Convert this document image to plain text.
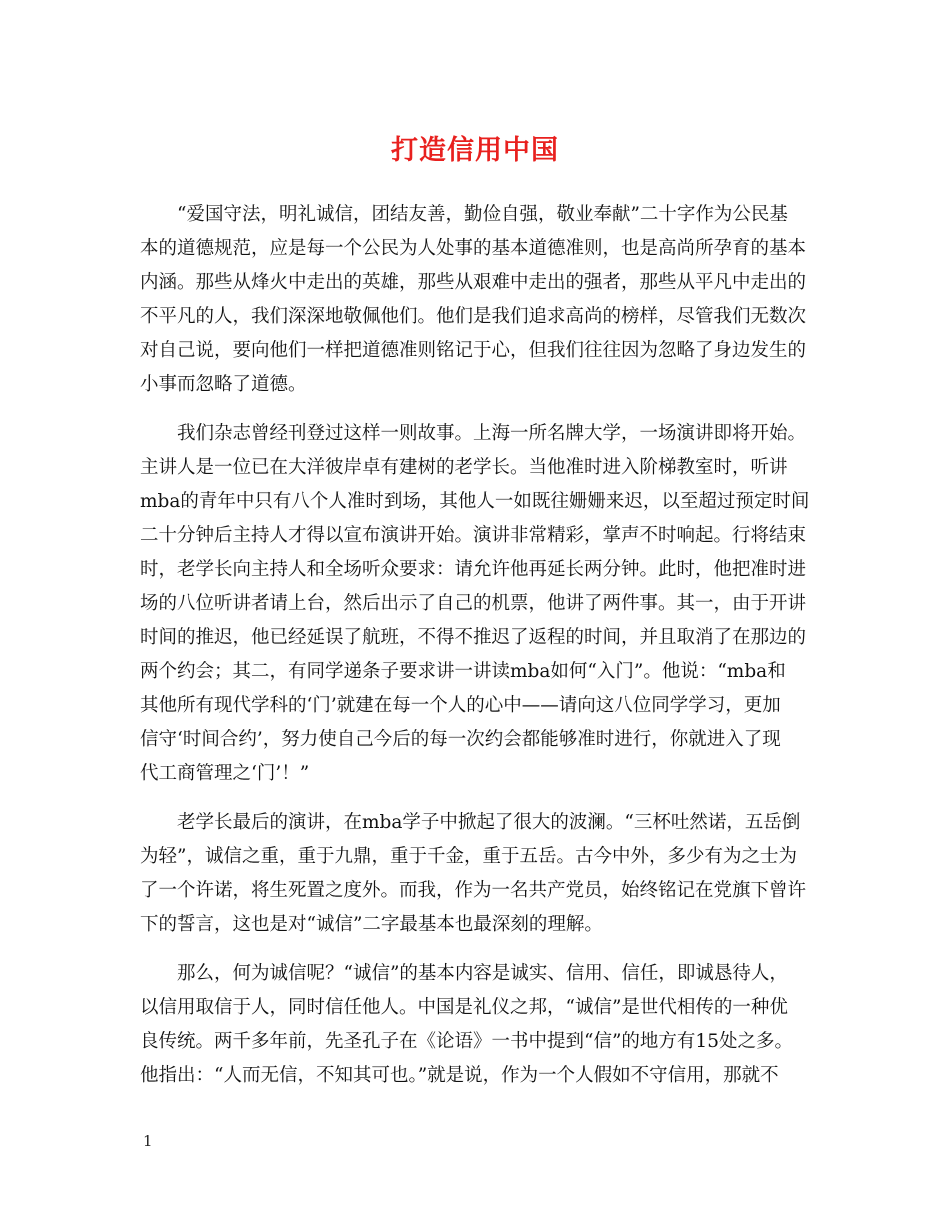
打造信用中国
“爱国守法，明礼诚信，团结友善，勤俭自强，敬业奉献”二十字作为公民基
本的道德规范，应是每一个公民为人处事的基本道德准则，也是高尚所孕育的基本
内涵。那些从烽火中走出的英雄，那些从艰难中走出的强者，那些从平凡中走出的
不平凡的人，我们深深地敬佩他们。他们是我们追求高尚的榜样，尽管我们无数次
对自己说，要向他们一样把道德准则铭记于心，但我们往往因为忽略了身边发生的
小事而忽略了道德。
我们杂志曾经刊登过这样一则故事。上海一所名牌大学，一场演讲即将开始。
主讲人是一位已在大洋彼岸卓有建树的老学长。当他准时进入阶梯教室时，听讲
mba的青年中只有八个人准时到场，其他人一如既往姗姗来迟，以至超过预定时间
二十分钟后主持人才得以宣布演讲开始。演讲非常精彩，掌声不时响起。行将结束
时，老学长向主持人和全场听众要求：请允许他再延长两分钟。此时，他把准时进
场的八位听讲者请上台，然后出示了自己的机票，他讲了两件事。其一，由于开讲
时间的推迟，他已经延误了航班，不得不推迟了返程的时间，并且取消了在那边的
两个约会；其二，有同学递条子要求讲一讲读mba如何“入门”。他说：“mba和
其他所有现代学科的‘门’就建在每一个人的心中——请向这八位同学学习，更加
信守‘时间合约’，努力使自己今后的每一次约会都能够准时进行，你就进入了现
代工商管理之‘门’！”
老学长最后的演讲，在mba学子中掀起了很大的波澜。“三杯吐然诺，五岳倒
为轻”，诚信之重，重于九鼎，重于千金，重于五岳。古今中外，多少有为之士为
了一个许诺，将生死置之度外。而我，作为一名共产党员，始终铭记在党旗下曾许
下的誓言，这也是对“诚信”二字最基本也最深刻的理解。
那么，何为诚信呢？“诚信”的基本内容是诚实、信用、信任，即诚恳待人，
以信用取信于人，同时信任他人。中国是礼仪之邦，“诚信”是世代相传的一种优
良传统。两千多年前，先圣孔子在《论语》一书中提到“信”的地方有15处之多。
他指出：“人而无信，不知其可也。”就是说，作为一个人假如不守信用，那就不
1
